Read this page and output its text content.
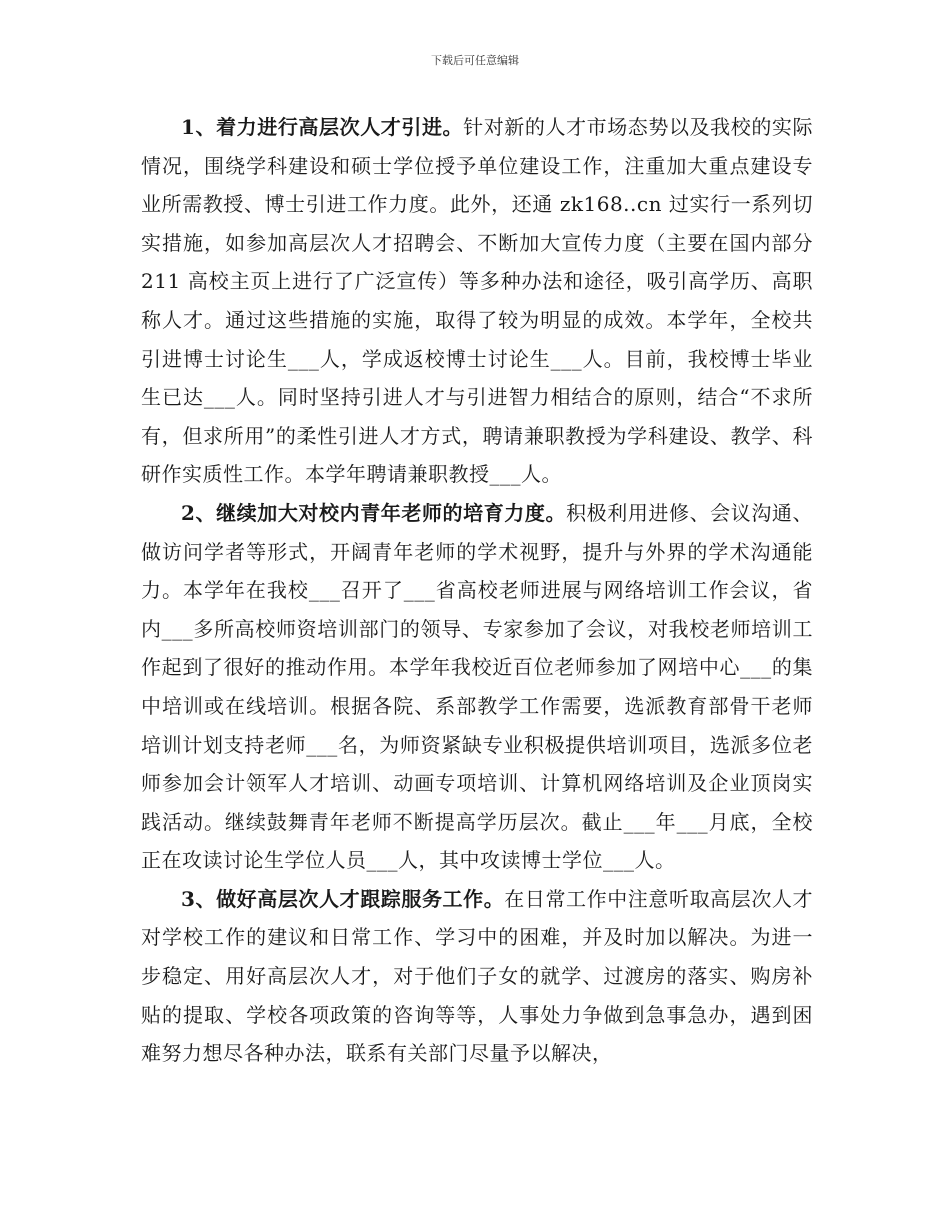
下载后可任意编辑

1、着力进行高层次人才引进。针对新的人才市场态势以及我校的实际情况，围绕学科建设和硕士学位授予单位建设工作，注重加大重点建设专业所需教授、博士引进工作力度。此外，还通 zk168..cn 过实行一系列切实措施，如参加高层次人才招聘会、不断加大宣传力度（主要在国内部分 211 高校主页上进行了广泛宣传）等多种办法和途径，吸引高学历、高职称人才。通过这些措施的实施，取得了较为明显的成效。本学年，全校共引进博士讨论生___人，学成返校博士讨论生___人。目前，我校博士毕业生已达___人。同时坚持引进人才与引进智力相结合的原则，结合“不求所有，但求所用”的柔性引进人才方式，聘请兼职教授为学科建设、教学、科研作实质性工作。本学年聘请兼职教授___人。

2、继续加大对校内青年老师的培育力度。积极利用进修、会议沟通、做访问学者等形式，开阔青年老师的学术视野，提升与外界的学术沟通能力。本学年在我校___召开了___省高校老师进展与网络培训工作会议，省内___多所高校师资培训部门的领导、专家参加了会议，对我校老师培训工作起到了很好的推动作用。本学年我校近百位老师参加了网培中心___的集中培训或在线培训。根据各院、系部教学工作需要，选派教育部骨干老师培训计划支持老师___名，为师资紧缺专业积极提供培训项目，选派多位老师参加会计领军人才培训、动画专项培训、计算机网络培训及企业顶岗实践活动。继续鼓舞青年老师不断提高学历层次。截止___年___月底，全校正在攻读讨论生学位人员___人，其中攻读博士学位___人。

3、做好高层次人才跟踪服务工作。在日常工作中注意听取高层次人才对学校工作的建议和日常工作、学习中的困难，并及时加以解决。为进一步稳定、用好高层次人才，对于他们子女的就学、过渡房的落实、购房补贴的提取、学校各项政策的咨询等等，人事处力争做到急事急办，遇到困难努力想尽各种办法，联系有关部门尽量予以解决，
